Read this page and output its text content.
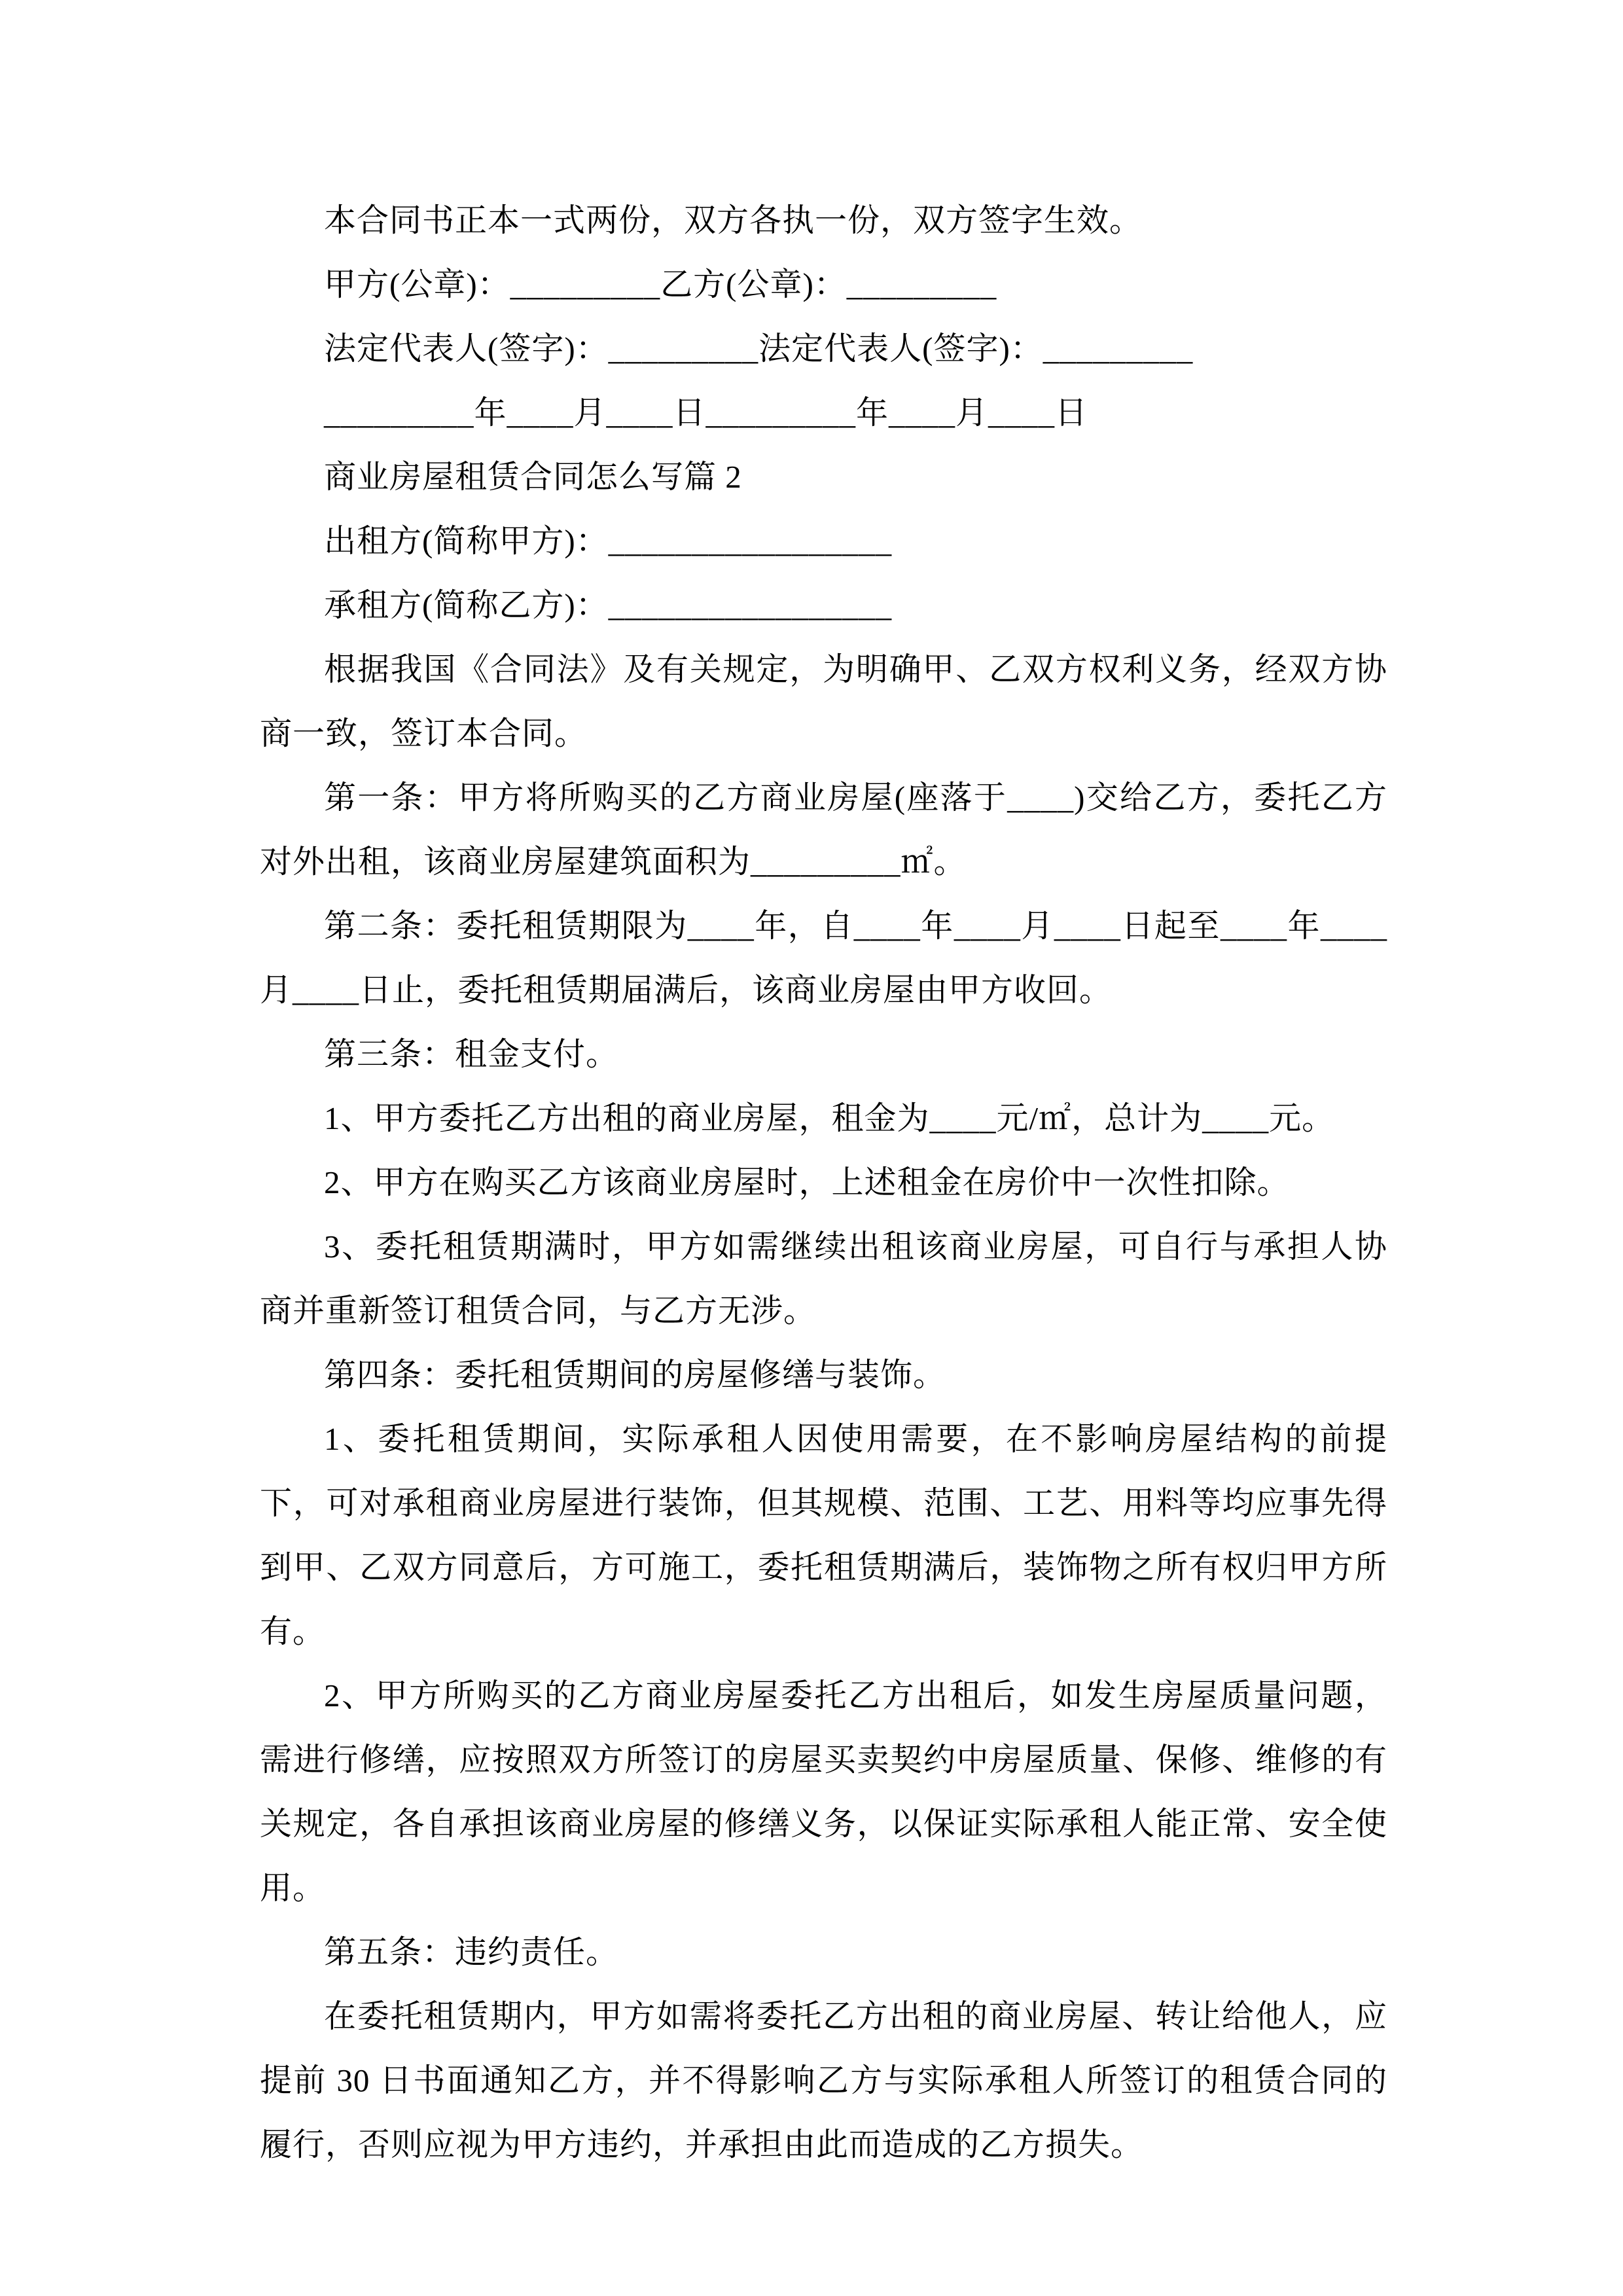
本合同书正本一式两份，双方各执一份，双方签字生效。

甲方(公章)：_________乙方(公章)：_________

法定代表人(签字)：_________法定代表人(签字)：_________

_________年____月____日_________年____月____日

商业房屋租赁合同怎么写篇 2

出租方(简称甲方)：_________________

承租方(简称乙方)：_________________

根据我国《合同法》及有关规定，为明确甲、乙双方权利义务，经双方协商一致，签订本合同。

第一条：甲方将所购买的乙方商业房屋(座落于____)交给乙方，委托乙方对外出租，该商业房屋建筑面积为_________㎡。

第二条：委托租赁期限为____年，自____年____月____日起至____年____月____日止，委托租赁期届满后，该商业房屋由甲方收回。

第三条：租金支付。

1、甲方委托乙方出租的商业房屋，租金为____元/㎡，总计为____元。

2、甲方在购买乙方该商业房屋时，上述租金在房价中一次性扣除。

3、委托租赁期满时，甲方如需继续出租该商业房屋，可自行与承担人协商并重新签订租赁合同，与乙方无涉。

第四条：委托租赁期间的房屋修缮与装饰。

1、委托租赁期间，实际承租人因使用需要，在不影响房屋结构的前提下，可对承租商业房屋进行装饰，但其规模、范围、工艺、用料等均应事先得到甲、乙双方同意后，方可施工，委托租赁期满后，装饰物之所有权归甲方所有。

2、甲方所购买的乙方商业房屋委托乙方出租后，如发生房屋质量问题，需进行修缮，应按照双方所签订的房屋买卖契约中房屋质量、保修、维修的有关规定，各自承担该商业房屋的修缮义务，以保证实际承租人能正常、安全使用。

第五条：违约责任。

在委托租赁期内，甲方如需将委托乙方出租的商业房屋、转让给他人，应提前 30 日书面通知乙方，并不得影响乙方与实际承租人所签订的租赁合同的履行，否则应视为甲方违约，并承担由此而造成的乙方损失。
